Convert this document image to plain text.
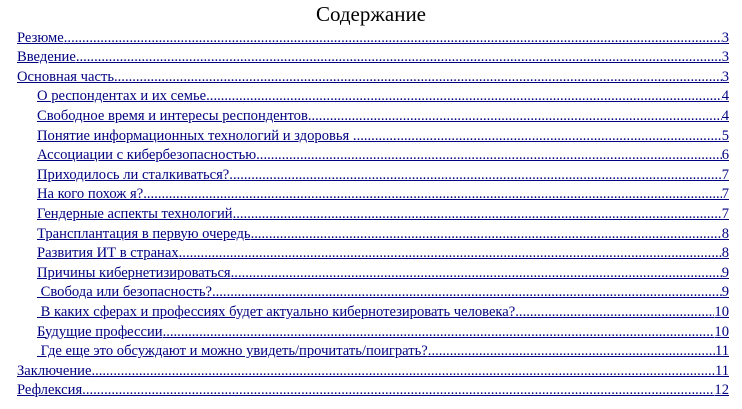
Содержание
Резюме .....	3
Введение .....	3
Основная часть .....	3
О респондентах и их семье .....	4
Свободное время и интересы респондентов .....	4
Понятие информационных технологий и здоровья .....	5
Ассоциации с кибербезопасностью .....	6
Приходилось ли сталкиваться? .....	7
На кого похож я? .....	7
Гендерные аспекты технологий .....	7
Трансплантация в первую очередь .....	8
Развития ИТ в странах .....	8
Причины кибернетизироваться .....	9
Свобода или безопасность? .....	9
В каких сферах и профессиях будет актуально кибернотезировать человека? .....	10
Будущие профессии .....	10
Где еще это обсуждают и можно увидеть/прочитать/поиграть? .....	11
Заключение .....	11
Рефлексия .....	12
